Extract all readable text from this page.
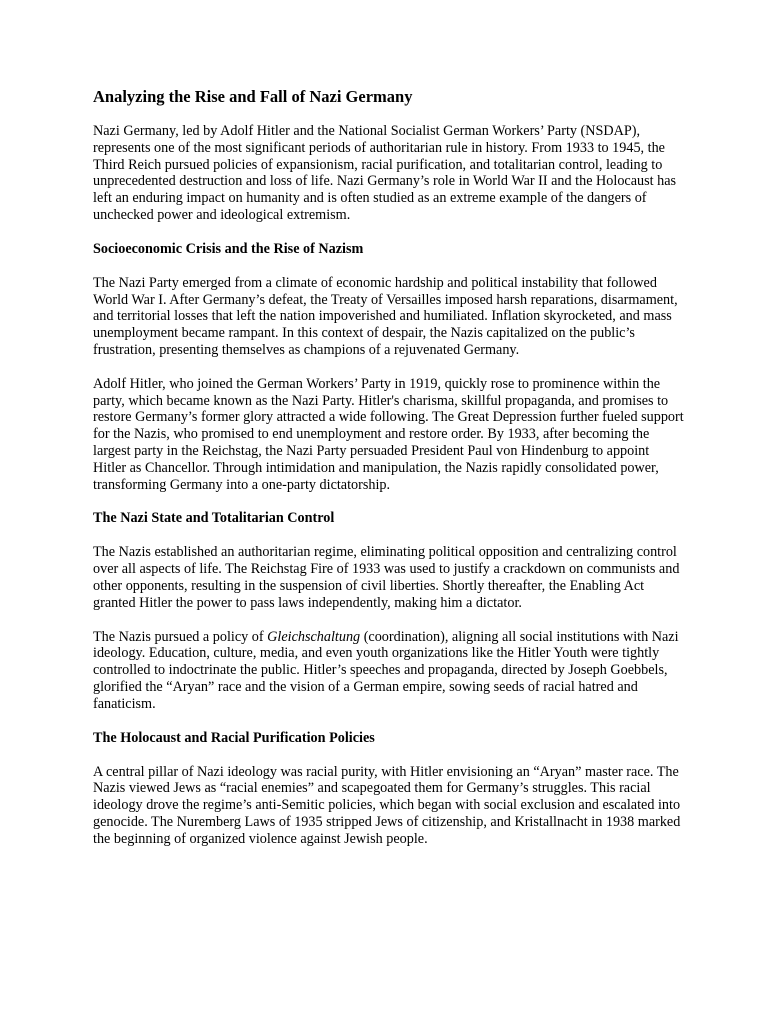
Analyzing the Rise and Fall of Nazi Germany

Nazi Germany, led by Adolf Hitler and the National Socialist German Workers’ Party (NSDAP), represents one of the most significant periods of authoritarian rule in history. From 1933 to 1945, the Third Reich pursued policies of expansionism, racial purification, and totalitarian control, leading to unprecedented destruction and loss of life. Nazi Germany’s role in World War II and the Holocaust has left an enduring impact on humanity and is often studied as an extreme example of the dangers of unchecked power and ideological extremism.

Socioeconomic Crisis and the Rise of Nazism

The Nazi Party emerged from a climate of economic hardship and political instability that followed World War I. After Germany’s defeat, the Treaty of Versailles imposed harsh reparations, disarmament, and territorial losses that left the nation impoverished and humiliated. Inflation skyrocketed, and mass unemployment became rampant. In this context of despair, the Nazis capitalized on the public’s frustration, presenting themselves as champions of a rejuvenated Germany.

Adolf Hitler, who joined the German Workers’ Party in 1919, quickly rose to prominence within the party, which became known as the Nazi Party. Hitler's charisma, skillful propaganda, and promises to restore Germany’s former glory attracted a wide following. The Great Depression further fueled support for the Nazis, who promised to end unemployment and restore order. By 1933, after becoming the largest party in the Reichstag, the Nazi Party persuaded President Paul von Hindenburg to appoint Hitler as Chancellor. Through intimidation and manipulation, the Nazis rapidly consolidated power, transforming Germany into a one-party dictatorship.

The Nazi State and Totalitarian Control

The Nazis established an authoritarian regime, eliminating political opposition and centralizing control over all aspects of life. The Reichstag Fire of 1933 was used to justify a crackdown on communists and other opponents, resulting in the suspension of civil liberties. Shortly thereafter, the Enabling Act granted Hitler the power to pass laws independently, making him a dictator.

The Nazis pursued a policy of Gleichschaltung (coordination), aligning all social institutions with Nazi ideology. Education, culture, media, and even youth organizations like the Hitler Youth were tightly controlled to indoctrinate the public. Hitler’s speeches and propaganda, directed by Joseph Goebbels, glorified the “Aryan” race and the vision of a German empire, sowing seeds of racial hatred and fanaticism.

The Holocaust and Racial Purification Policies

A central pillar of Nazi ideology was racial purity, with Hitler envisioning an “Aryan” master race. The Nazis viewed Jews as “racial enemies” and scapegoated them for Germany’s struggles. This racial ideology drove the regime’s anti-Semitic policies, which began with social exclusion and escalated into genocide. The Nuremberg Laws of 1935 stripped Jews of citizenship, and Kristallnacht in 1938 marked the beginning of organized violence against Jewish people.
